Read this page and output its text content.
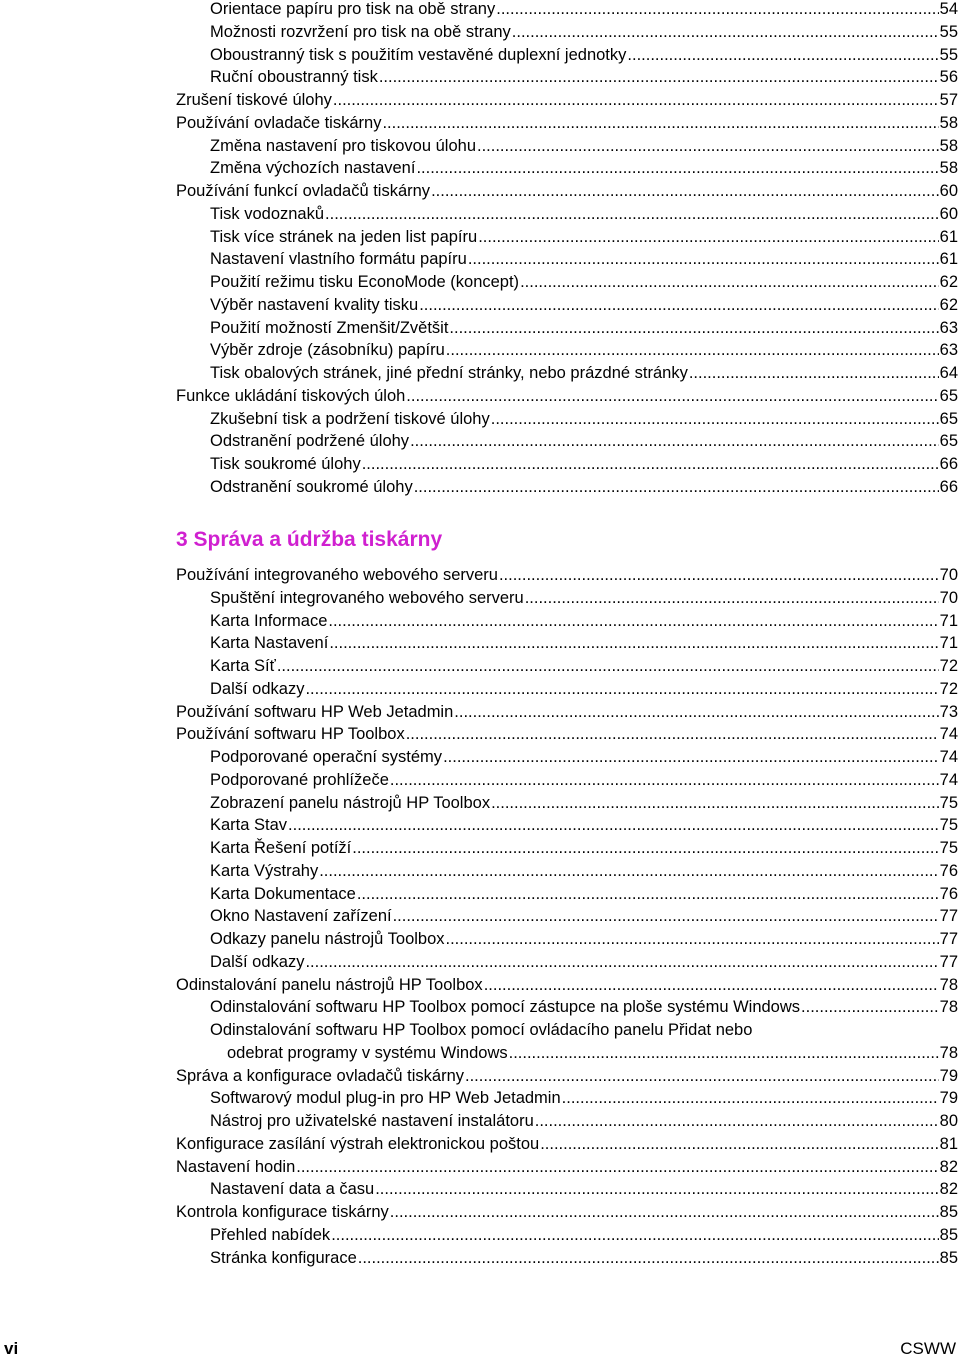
Orientace papíru pro tisk na obě strany .....	54
Možnosti rozvržení pro tisk na obě strany .....	55
Oboustranný tisk s použitím vestavěné duplexní jednotky .....	55
Ruční oboustranný tisk .....	56
Zrušení tiskové úlohy .....	57
Používání ovladače tiskárny .....	58
Změna nastavení pro tiskovou úlohu .....	58
Změna výchozích nastavení .....	58
Používání funkcí ovladačů tiskárny .....	60
Tisk vodoznaků .....	60
Tisk více stránek na jeden list papíru .....	61
Nastavení vlastního formátu papíru .....	61
Použití režimu tisku EconoMode (koncept) .....	62
Výběr nastavení kvality tisku .....	62
Použití možností Zmenšit/Zvětšit .....	63
Výběr zdroje (zásobníku) papíru .....	63
Tisk obalových stránek, jiné přední stránky, nebo prázdné stránky .....	64
Funkce ukládání tiskových úloh .....	65
Zkušební tisk a podržení tiskové úlohy .....	65
Odstranění podržené úlohy .....	65
Tisk soukromé úlohy .....	66
Odstranění soukromé úlohy .....	66
Používání integrovaného webového serveru .....	70
Spuštění integrovaného webového serveru .....	70
Karta Informace .....	71
Karta Nastavení .....	71
Karta Síť .....	72
Další odkazy .....	72
Používání softwaru HP Web Jetadmin .....	73
Používání softwaru HP Toolbox .....	74
Podporované operační systémy .....	74
Podporované prohlížeče .....	74
Zobrazení panelu nástrojů HP Toolbox .....	75
Karta Stav .....	75
Karta Řešení potíží .....	75
Karta Výstrahy .....	76
Karta Dokumentace .....	76
Okno Nastavení zařízení .....	77
Odkazy panelu nástrojů Toolbox .....	77
Další odkazy .....	77
Odinstalování panelu nástrojů HP Toolbox .....	78
Odinstalování softwaru HP Toolbox pomocí zástupce na ploše systému Windows .....	78
Odinstalování softwaru HP Toolbox pomocí ovládacího panelu Přidat nebo
odebrat programy v systému Windows .....	78
Správa a konfigurace ovladačů tiskárny .....	79
Softwarový modul plug-in pro HP Web Jetadmin .....	79
Nástroj pro uživatelské nastavení instalátoru .....	80
Konfigurace zasílání výstrah elektronickou poštou .....	81
Nastavení hodin .....	82
Nastavení data a času .....	82
Kontrola konfigurace tiskárny .....	85
Přehled nabídek .....	85
Stránka konfigurace .....	85
3 Správa a údržba tiskárny
vi	CSWW
